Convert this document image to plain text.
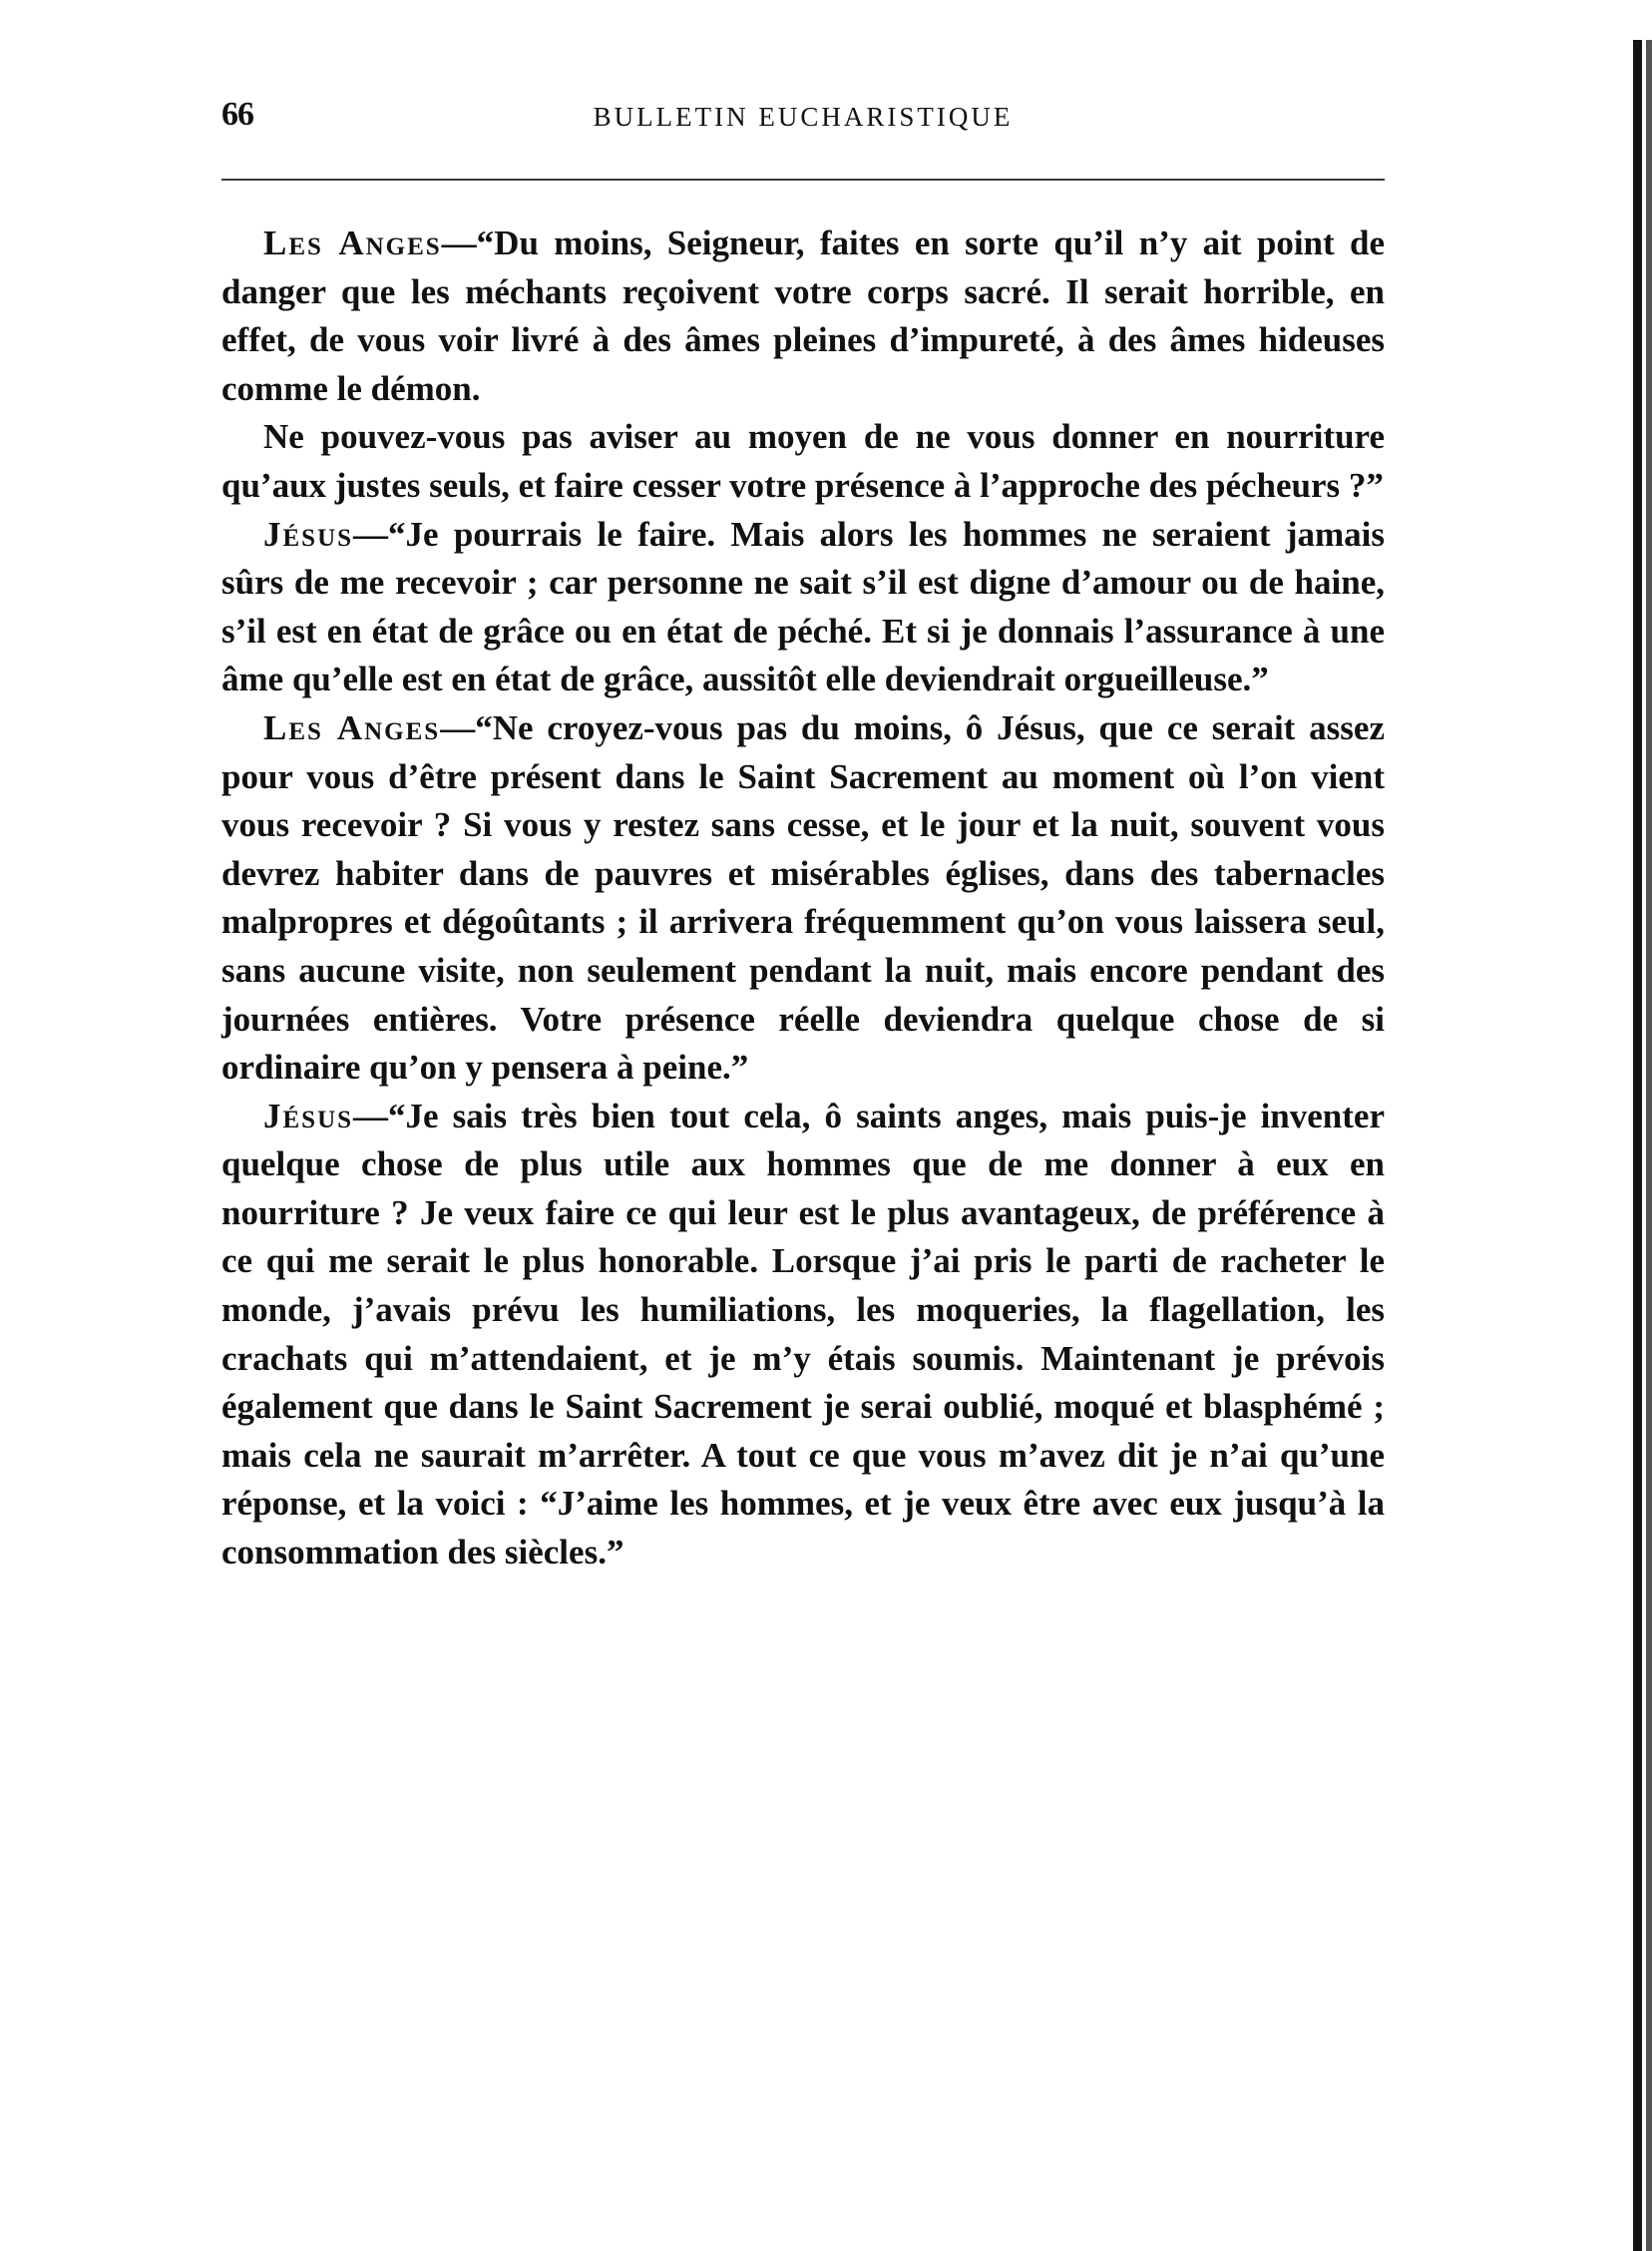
66	BULLETIN EUCHARISTIQUE

Les Anges—“Du moins, Seigneur, faites en sorte qu’il n’y ait point de danger que les méchants reçoivent votre corps sacré. Il serait horrible, en effet, de vous voir livré à des âmes pleines d’impureté, à des âmes hideuses comme le démon.

Ne pouvez-vous pas aviser au moyen de ne vous donner en nourriture qu’aux justes seuls, et faire cesser votre présence à l’approche des pécheurs ?”

Jésus—“Je pourrais le faire. Mais alors les hommes ne seraient jamais sûrs de me recevoir ; car personne ne sait s’il est digne d’amour ou de haine, s’il est en état de grâce ou en état de péché. Et si je donnais l’assurance à une âme qu’elle est en état de grâce, aussitôt elle deviendrait orgueilleuse.”

Les Anges—“Ne croyez-vous pas du moins, ô Jésus, que ce serait assez pour vous d’être présent dans le Saint Sacrement au moment où l’on vient vous recevoir ? Si vous y restez sans cesse, et le jour et la nuit, souvent vous devrez habiter dans de pauvres et misérables églises, dans des tabernacles malpropres et dégoûtants ; il arrivera fréquemment qu’on vous laissera seul, sans aucune visite, non seulement pendant la nuit, mais encore pendant des journées entières. Votre présence réelle deviendra quelque chose de si ordinaire qu’on y pensera à peine.”

Jésus—“Je sais très bien tout cela, ô saints anges, mais puis-je inventer quelque chose de plus utile aux hommes que de me donner à eux en nourriture ? Je veux faire ce qui leur est le plus avantageux, de préférence à ce qui me serait le plus honorable. Lorsque j’ai pris le parti de racheter le monde, j’avais prévu les humiliations, les moqueries, la flagellation, les crachats qui m’attendaient, et je m’y étais soumis. Maintenant je prévois également que dans le Saint Sacrement je serai oublié, moqué et blasphémé ; mais cela ne saurait m’arrêter. A tout ce que vous m’avez dit je n’ai qu’une réponse, et la voici : “J’aime les hommes, et je veux être avec eux jusqu’à la consommation des siècles.”
